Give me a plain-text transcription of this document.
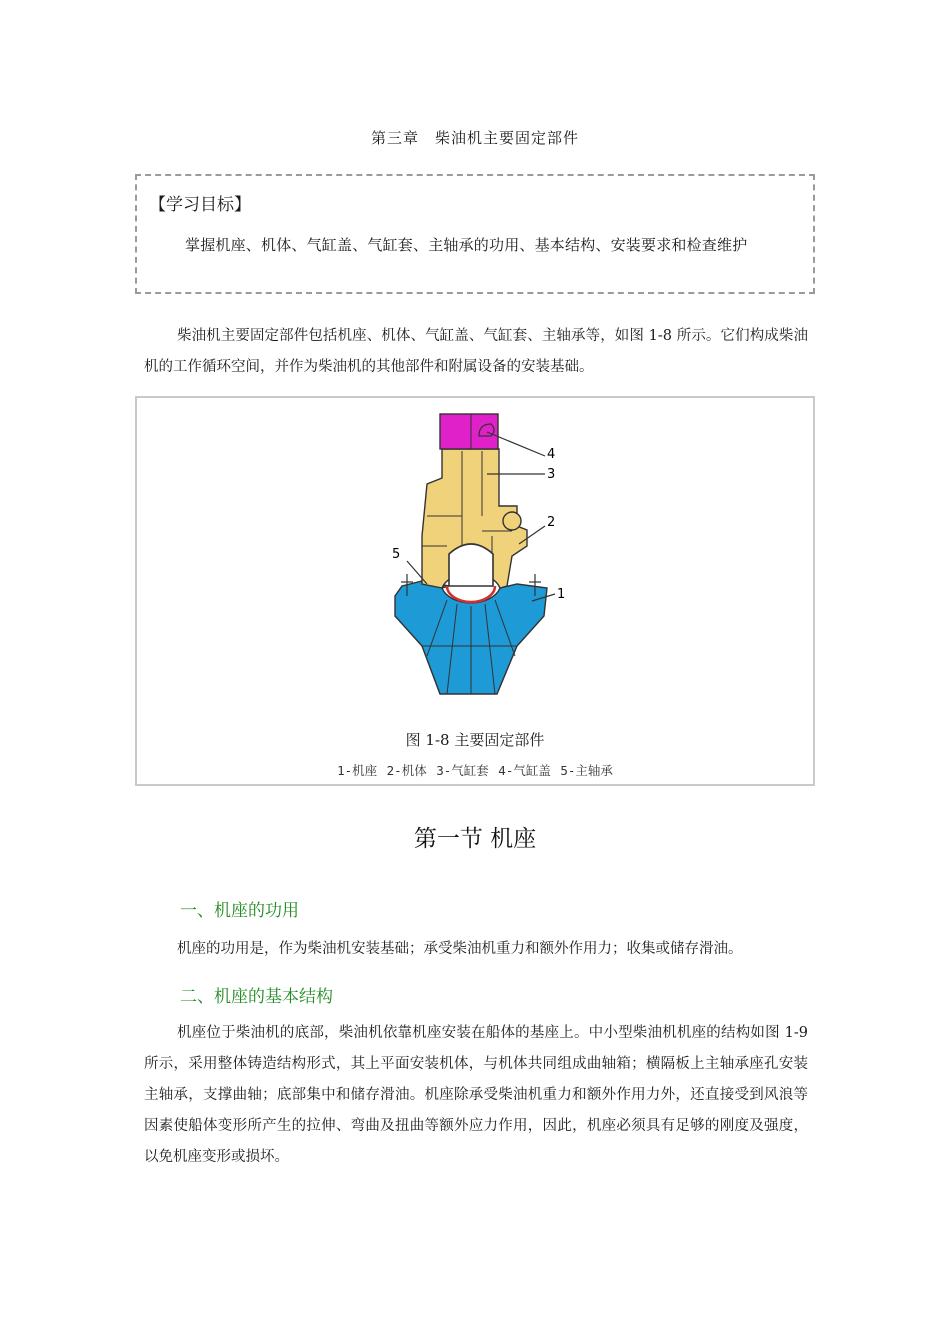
第三章　柴油机主要固定部件
【学习目标】
掌握机座、机体、气缸盖、气缸套、主轴承的功用、基本结构、安装要求和检查维护
柴油机主要固定部件包括机座、机体、气缸盖、气缸套、主轴承等，如图 1-8 所示。它们构成柴油机的工作循环空间，并作为柴油机的其他部件和附属设备的安装基础。
4
3
2
1
5
图 1-8 主要固定部件
1-机座 2-机体 3-气缸套 4-气缸盖 5-主轴承
第一节 机座
一、机座的功用
机座的功用是，作为柴油机安装基础；承受柴油机重力和额外作用力；收集或储存滑油。
二、机座的基本结构
机座位于柴油机的底部，柴油机依靠机座安装在船体的基座上。中小型柴油机机座的结构如图 1-9 所示，采用整体铸造结构形式，其上平面安装机体，与机体共同组成曲轴箱；横隔板上主轴承座孔安装主轴承，支撑曲轴；底部集中和储存滑油。机座除承受柴油机重力和额外作用力外，还直接受到风浪等因素使船体变形所产生的拉伸、弯曲及扭曲等额外应力作用，因此，机座必须具有足够的刚度及强度，以免机座变形或损坏。
